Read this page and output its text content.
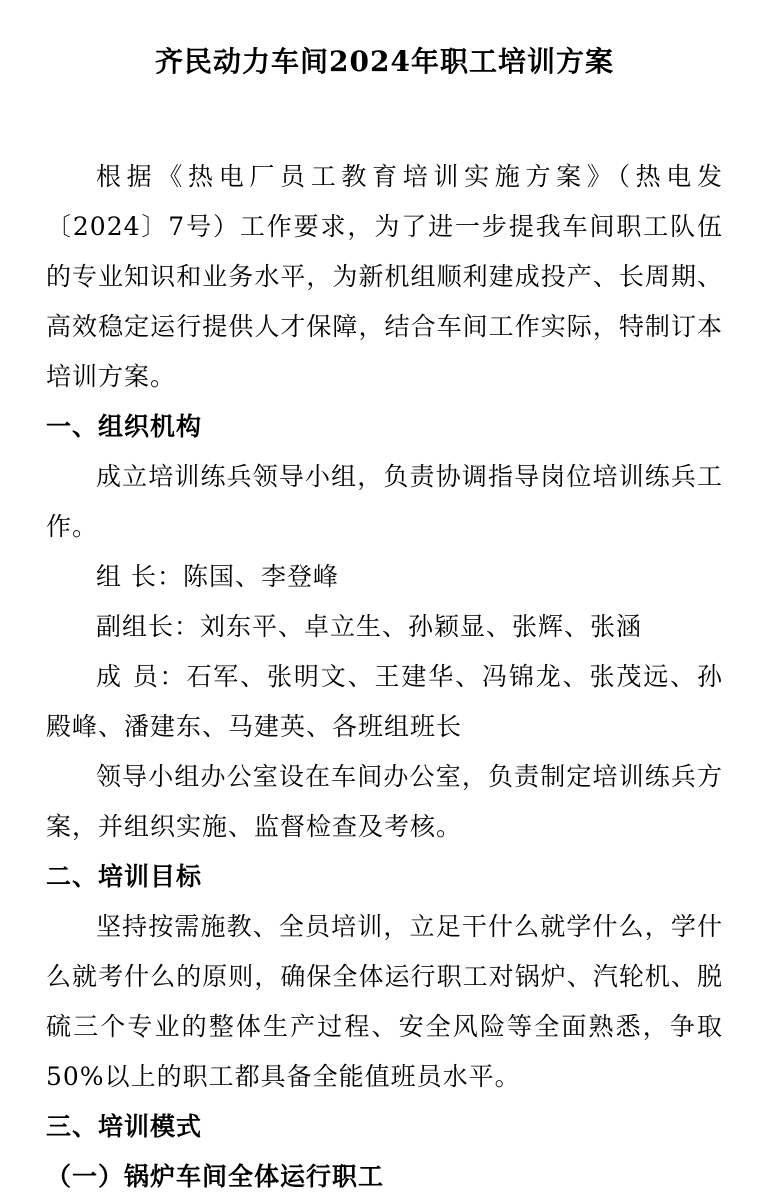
齐民动力车间2024年职工培训方案

根据《热电厂员工教育培训实施方案》（热电发〔2024〕7号）工作要求，为了进一步提我车间职工队伍的专业知识和业务水平，为新机组顺利建成投产、长周期、高效稳定运行提供人才保障，结合车间工作实际，特制订本培训方案。

一、组织机构

成立培训练兵领导小组，负责协调指导岗位培训练兵工作。

组 长：陈国、李登峰

副组长：刘东平、卓立生、孙颖显、张辉、张涵

成 员：石军、张明文、王建华、冯锦龙、张茂远、孙殿峰、潘建东、马建英、各班组班长

领导小组办公室设在车间办公室，负责制定培训练兵方案，并组织实施、监督检查及考核。

二、培训目标

坚持按需施教、全员培训，立足干什么就学什么，学什么就考什么的原则，确保全体运行职工对锅炉、汽轮机、脱硫三个专业的整体生产过程、安全风险等全面熟悉，争取50%以上的职工都具备全能值班员水平。

三、培训模式

（一）锅炉车间全体运行职工
